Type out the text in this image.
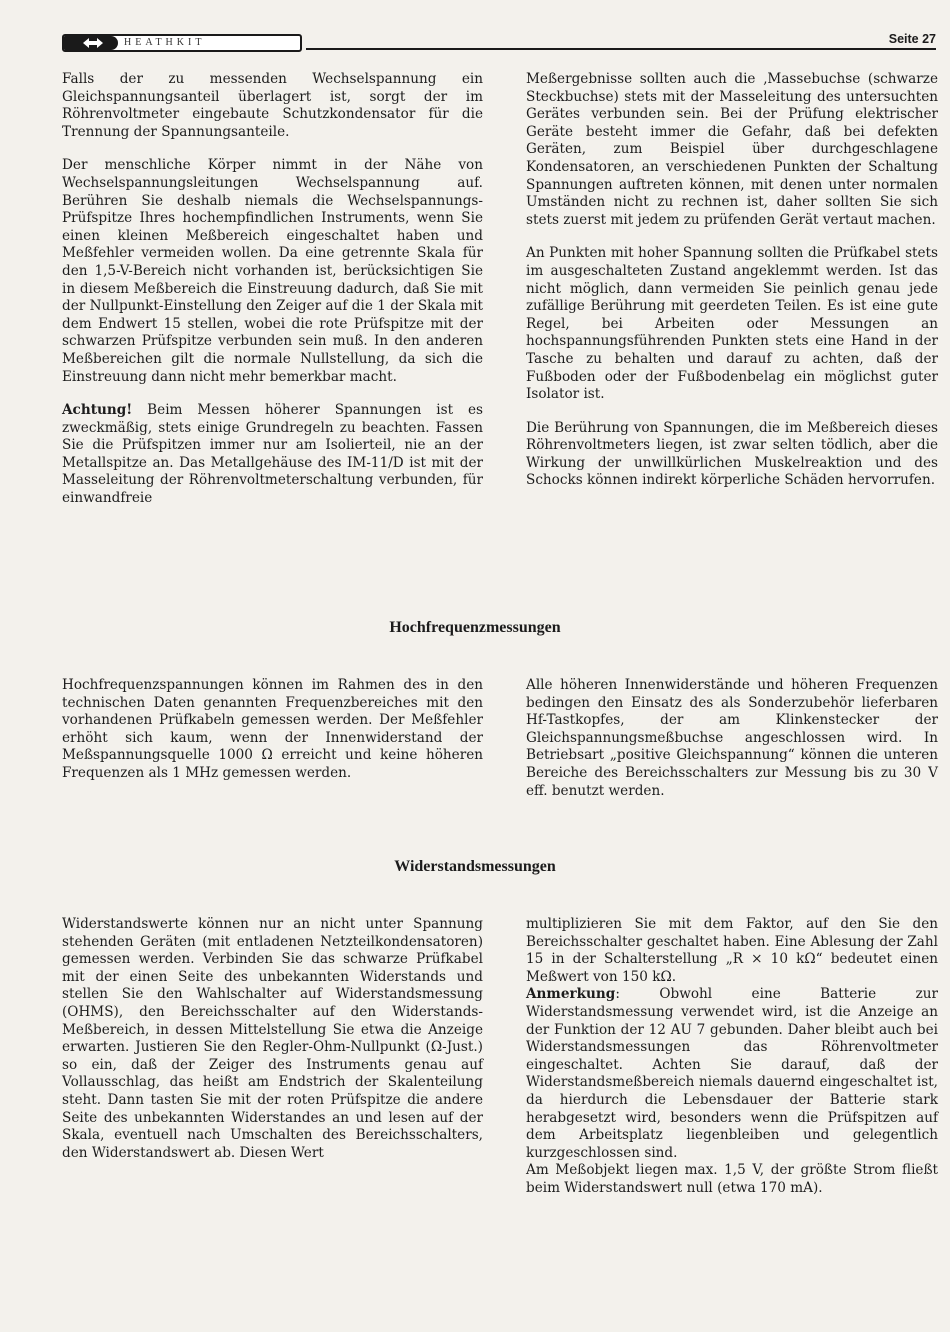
HEATHKIT	Seite 27

Falls der zu messenden Wechselspannung ein Gleichspannungsanteil überlagert ist, sorgt der im Röhrenvoltmeter eingebaute Schutzkondensator für die Trennung der Spannungsanteile.

Der menschliche Körper nimmt in der Nähe von Wechselspannungsleitungen Wechselspannung auf. Berühren Sie deshalb niemals die Wechselspannungs-Prüfspitze Ihres hochempfindlichen Instruments, wenn Sie einen kleinen Meßbereich eingeschaltet haben und Meßfehler vermeiden wollen. Da eine getrennte Skala für den 1,5-V-Bereich nicht vorhanden ist, berücksichtigen Sie in diesem Meßbereich die Einstreuung dadurch, daß Sie mit der Nullpunkt-Einstellung den Zeiger auf die 1 der Skala mit dem Endwert 15 stellen, wobei die rote Prüfspitze mit der schwarzen Prüfspitze verbunden sein muß. In den anderen Meßbereichen gilt die normale Nullstellung, da sich die Einstreuung dann nicht mehr bemerkbar macht.

Achtung! Beim Messen höherer Spannungen ist es zweckmäßig, stets einige Grundregeln zu beachten. Fassen Sie die Prüfspitzen immer nur am Isolierteil, nie an der Metallspitze an. Das Metallgehäuse des IM-11/D ist mit der Masseleitung der Röhrenvoltmeterschaltung verbunden, für einwandfreie

Meßergebnisse sollten auch die ‚Massebuchse (schwarze Steckbuchse) stets mit der Masseleitung des untersuchten Gerätes verbunden sein. Bei der Prüfung elektrischer Geräte besteht immer die Gefahr, daß bei defekten Geräten, zum Beispiel über durchgeschlagene Kondensatoren, an verschiedenen Punkten der Schaltung Spannungen auftreten können, mit denen unter normalen Umständen nicht zu rechnen ist, daher sollten Sie sich stets zuerst mit jedem zu prüfenden Gerät vertaut machen.

An Punkten mit hoher Spannung sollten die Prüfkabel stets im ausgeschalteten Zustand angeklemmt werden. Ist das nicht möglich, dann vermeiden Sie peinlich genau jede zufällige Berührung mit geerdeten Teilen. Es ist eine gute Regel, bei Arbeiten oder Messungen an hochspannungsführenden Punkten stets eine Hand in der Tasche zu behalten und darauf zu achten, daß der Fußboden oder der Fußbodenbelag ein möglichst guter Isolator ist.

Die Berührung von Spannungen, die im Meßbereich dieses Röhrenvoltmeters liegen, ist zwar selten tödlich, aber die Wirkung der unwillkürlichen Muskelreaktion und des Schocks können indirekt körperliche Schäden hervorrufen.

Hochfrequenzmessungen

Hochfrequenzspannungen können im Rahmen des in den technischen Daten genannten Frequenzbereiches mit den vorhandenen Prüfkabeln gemessen werden. Der Meßfehler erhöht sich kaum, wenn der Innenwiderstand der Meßspannungsquelle 1000 Ω erreicht und keine höheren Frequenzen als 1 MHz gemessen werden.

Alle höheren Innenwiderstände und höheren Frequenzen bedingen den Einsatz des als Sonderzubehör lieferbaren Hf-Tastkopfes, der am Klinkenstecker der Gleichspannungsmeßbuchse angeschlossen wird. In Betriebsart „positive Gleichspannung“ können die unteren Bereiche des Bereichsschalters zur Messung bis zu 30 V eff. benutzt werden.

Widerstandsmessungen

Widerstandswerte können nur an nicht unter Spannung stehenden Geräten (mit entladenen Netzteilkondensatoren) gemessen werden. Verbinden Sie das schwarze Prüfkabel mit der einen Seite des unbekannten Widerstands und stellen Sie den Wahlschalter auf Widerstandsmessung (OHMS), den Bereichsschalter auf den Widerstands-Meßbereich, in dessen Mittelstellung Sie etwa die Anzeige erwarten. Justieren Sie den Regler-Ohm-Nullpunkt (Ω-Just.) so ein, daß der Zeiger des Instruments genau auf Vollausschlag, das heißt am Endstrich der Skalenteilung steht. Dann tasten Sie mit der roten Prüfspitze die andere Seite des unbekannten Widerstandes an und lesen auf der Skala, eventuell nach Umschalten des Bereichsschalters, den Widerstandswert ab. Diesen Wert

multiplizieren Sie mit dem Faktor, auf den Sie den Bereichsschalter geschaltet haben. Eine Ablesung der Zahl 15 in der Schalterstellung „R × 10 kΩ“ bedeutet einen Meßwert von 150 kΩ.

Anmerkung: Obwohl eine Batterie zur Widerstandsmessung verwendet wird, ist die Anzeige an der Funktion der 12 AU 7 gebunden. Daher bleibt auch bei Widerstandsmessungen das Röhrenvoltmeter eingeschaltet. Achten Sie darauf, daß der Widerstandsmeßbereich niemals dauernd eingeschaltet ist, da hierdurch die Lebensdauer der Batterie stark herabgesetzt wird, besonders wenn die Prüfspitzen auf dem Arbeitsplatz liegenbleiben und gelegentlich kurzgeschlossen sind.

Am Meßobjekt liegen max. 1,5 V, der größte Strom fließt beim Widerstandswert null (etwa 170 mA).
